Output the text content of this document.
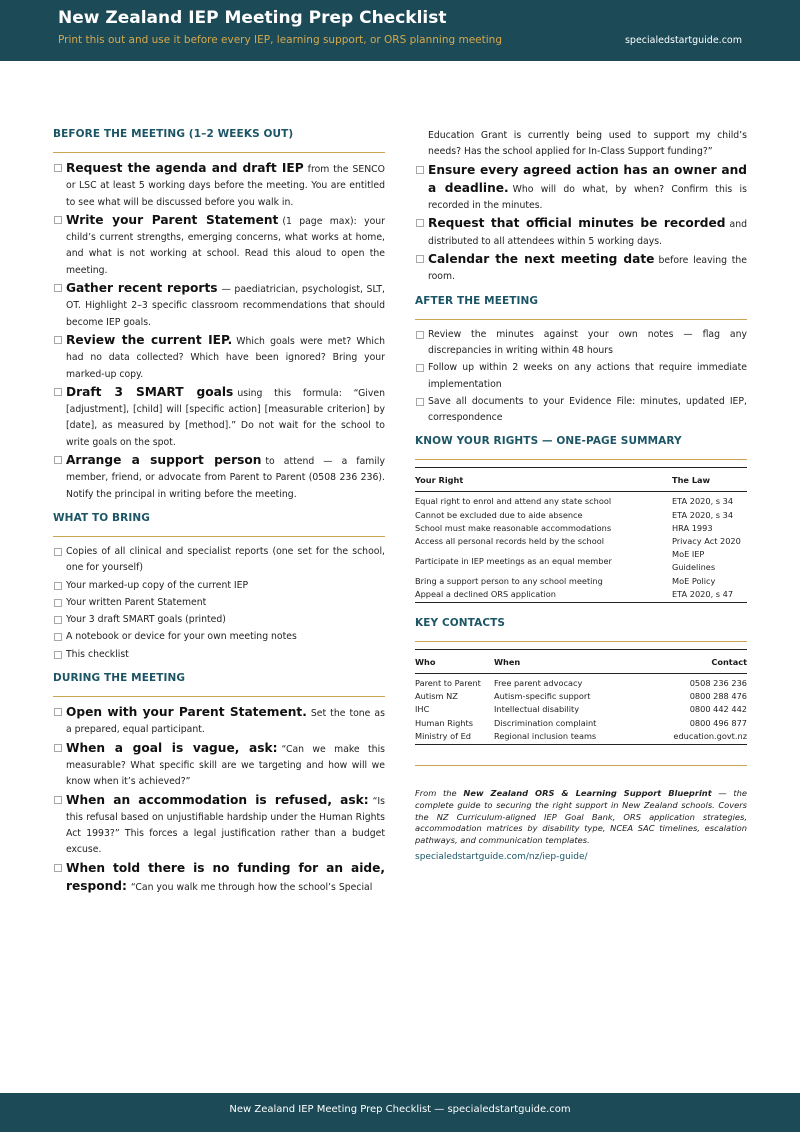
New Zealand IEP Meeting Prep Checklist
Print this out and use it before every IEP, learning support, or ORS planning meeting	specialedstartguide.com
BEFORE THE MEETING (1–2 WEEKS OUT)
Request the agenda and draft IEP from the SENCO or LSC at least 5 working days before the meeting. You are entitled to see what will be discussed before you walk in.
Write your Parent Statement (1 page max): your child’s current strengths, emerging concerns, what works at home, and what is not working at school. Read this aloud to open the meeting.
Gather recent reports — paediatrician, psychologist, SLT, OT. Highlight 2–3 specific classroom recommendations that should become IEP goals.
Review the current IEP. Which goals were met? Which had no data collected? Which have been ignored? Bring your marked-up copy.
Draft 3 SMART goals using this formula: “Given [adjustment], [child] will [specific action] [measurable criterion] by [date], as measured by [method].” Do not wait for the school to write goals on the spot.
Arrange a support person to attend — a family member, friend, or advocate from Parent to Parent (0508 236 236). Notify the principal in writing before the meeting.
WHAT TO BRING
Copies of all clinical and specialist reports (one set for the school, one for yourself)
Your marked-up copy of the current IEP
Your written Parent Statement
Your 3 draft SMART goals (printed)
A notebook or device for your own meeting notes
This checklist
DURING THE MEETING
Open with your Parent Statement. Set the tone as a prepared, equal participant.
When a goal is vague, ask: “Can we make this measurable? What specific skill are we targeting and how will we know when it’s achieved?”
When an accommodation is refused, ask: “Is this refusal based on unjustifiable hardship under the Human Rights Act 1993?” This forces a legal justification rather than a budget excuse.
When told there is no funding for an aide, respond: “Can you walk me through how the school’s Special
Education Grant is currently being used to support my child’s needs? Has the school applied for In-Class Support funding?”
Ensure every agreed action has an owner and a deadline. Who will do what, by when? Confirm this is recorded in the minutes.
Request that official minutes be recorded and distributed to all attendees within 5 working days.
Calendar the next meeting date before leaving the room.
AFTER THE MEETING
Review the minutes against your own notes — flag any discrepancies in writing within 48 hours
Follow up within 2 weeks on any actions that require immediate implementation
Save all documents to your Evidence File: minutes, updated IEP, correspondence
KNOW YOUR RIGHTS — ONE-PAGE SUMMARY
Your Right	The Law
Equal right to enrol and attend any state school	ETA 2020, s 34
Cannot be excluded due to aide absence	ETA 2020, s 34
School must make reasonable accommodations	HRA 1993
Access all personal records held by the school	Privacy Act 2020
Participate in IEP meetings as an equal member	MoE IEP Guidelines
Bring a support person to any school meeting	MoE Policy
Appeal a declined ORS application	ETA 2020, s 47
KEY CONTACTS
Who	When	Contact
Parent to Parent	Free parent advocacy	0508 236 236
Autism NZ	Autism-specific support	0800 288 476
IHC	Intellectual disability	0800 442 442
Human Rights	Discrimination complaint	0800 496 877
Ministry of Ed	Regional inclusion teams	education.govt.nz
From the New Zealand ORS & Learning Support Blueprint — the complete guide to securing the right support in New Zealand schools. Covers the NZ Curriculum-aligned IEP Goal Bank, ORS application strategies, accommodation matrices by disability type, NCEA SAC timelines, escalation pathways, and communication templates.
specialedstartguide.com/nz/iep-guide/
New Zealand IEP Meeting Prep Checklist — specialedstartguide.com
